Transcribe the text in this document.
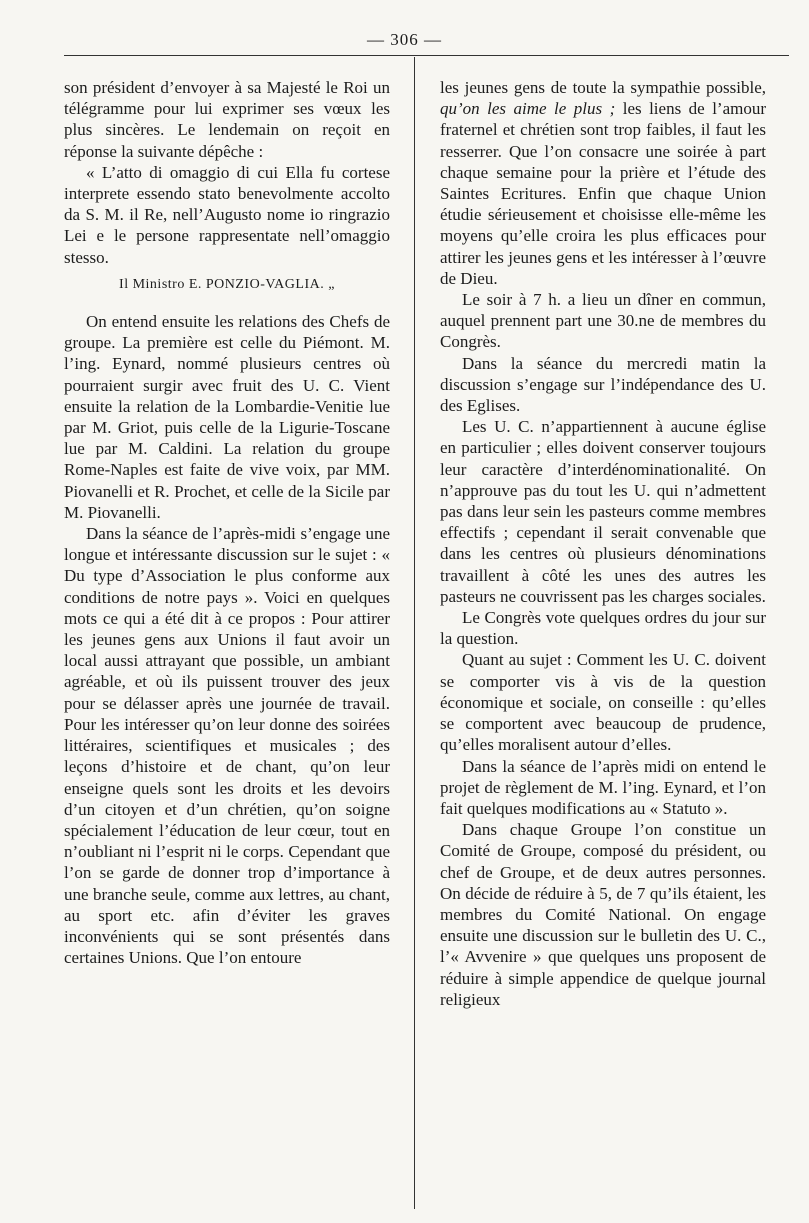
— 306 —

son président d’envoyer à sa Majesté le Roi un télégramme pour lui exprimer ses vœux les plus sincères. Le lendemain on reçoit en réponse la suivante dépêche :

« L’atto di omaggio di cui Ella fu cortese interprete essendo stato benevolmente accolto da S. M. il Re, nell’Augusto nome io ringrazio Lei e le persone rappresentate nell’omaggio stesso.

Il Ministro E. PONZIO-VAGLIA. „

On entend ensuite les relations des Chefs de groupe. La première est celle du Piémont. M. l’ing. Eynard, nommé plusieurs centres où pourraient surgir avec fruit des U. C. Vient ensuite la relation de la Lombardie-Venitie lue par M. Griot, puis celle de la Ligurie-Toscane lue par M. Caldini. La relation du groupe Rome-Naples est faite de vive voix, par MM. Piovanelli et R. Prochet, et celle de la Sicile par M. Piovanelli.

Dans la séance de l’après-midi s’engage une longue et intéressante discussion sur le sujet : « Du type d’Association le plus conforme aux conditions de notre pays ». Voici en quelques mots ce qui a été dit à ce propos : Pour attirer les jeunes gens aux Unions il faut avoir un local aussi attrayant que possible, un ambiant agréable, et où ils puissent trouver des jeux pour se délasser après une journée de travail. Pour les intéresser qu’on leur donne des soirées littéraires, scientifiques et musicales ; des leçons d’histoire et de chant, qu’on leur enseigne quels sont les droits et les devoirs d’un citoyen et d’un chrétien, qu’on soigne spécialement l’éducation de leur cœur, tout en n’oubliant ni l’esprit ni le corps. Cependant que l’on se garde de donner trop d’importance à une branche seule, comme aux lettres, au chant, au sport etc. afin d’éviter les graves inconvénients qui se sont présentés dans certaines Unions. Que l’on entoure

les jeunes gens de toute la sympathie possible, qu’on les aime le plus ; les liens de l’amour fraternel et chrétien sont trop faibles, il faut les resserrer. Que l’on consacre une soirée à part chaque semaine pour la prière et l’étude des Saintes Ecritures. Enfin que chaque Union étudie sérieusement et choisisse elle-même les moyens qu’elle croira les plus efficaces pour attirer les jeunes gens et les intéresser à l’œuvre de Dieu.

Le soir à 7 h. a lieu un dîner en commun, auquel prennent part une 30.ne de membres du Congrès.

Dans la séance du mercredi matin la discussion s’engage sur l’indépendance des U. des Eglises.

Les U. C. n’appartiennent à aucune église en particulier ; elles doivent conserver toujours leur caractère d’interdénominationalité. On n’approuve pas du tout les U. qui n’admettent pas dans leur sein les pasteurs comme membres effectifs ; cependant il serait convenable que dans les centres où plusieurs dénominations travaillent à côté les unes des autres les pasteurs ne couvrissent pas les charges sociales.

Le Congrès vote quelques ordres du jour sur la question.

Quant au sujet : Comment les U. C. doivent se comporter vis à vis de la question économique et sociale, on conseille : qu’elles se comportent avec beaucoup de prudence, qu’elles moralisent autour d’elles.

Dans la séance de l’après midi on entend le projet de règlement de M. l’ing. Eynard, et l’on fait quelques modifications au « Statuto ».

Dans chaque Groupe l’on constitue un Comité de Groupe, composé du président, ou chef de Groupe, et de deux autres personnes. On décide de réduire à 5, de 7 qu’ils étaient, les membres du Comité National. On engage ensuite une discussion sur le bulletin des U. C., l’« Avvenire » que quelques uns proposent de réduire à simple appendice de quelque journal religieux
